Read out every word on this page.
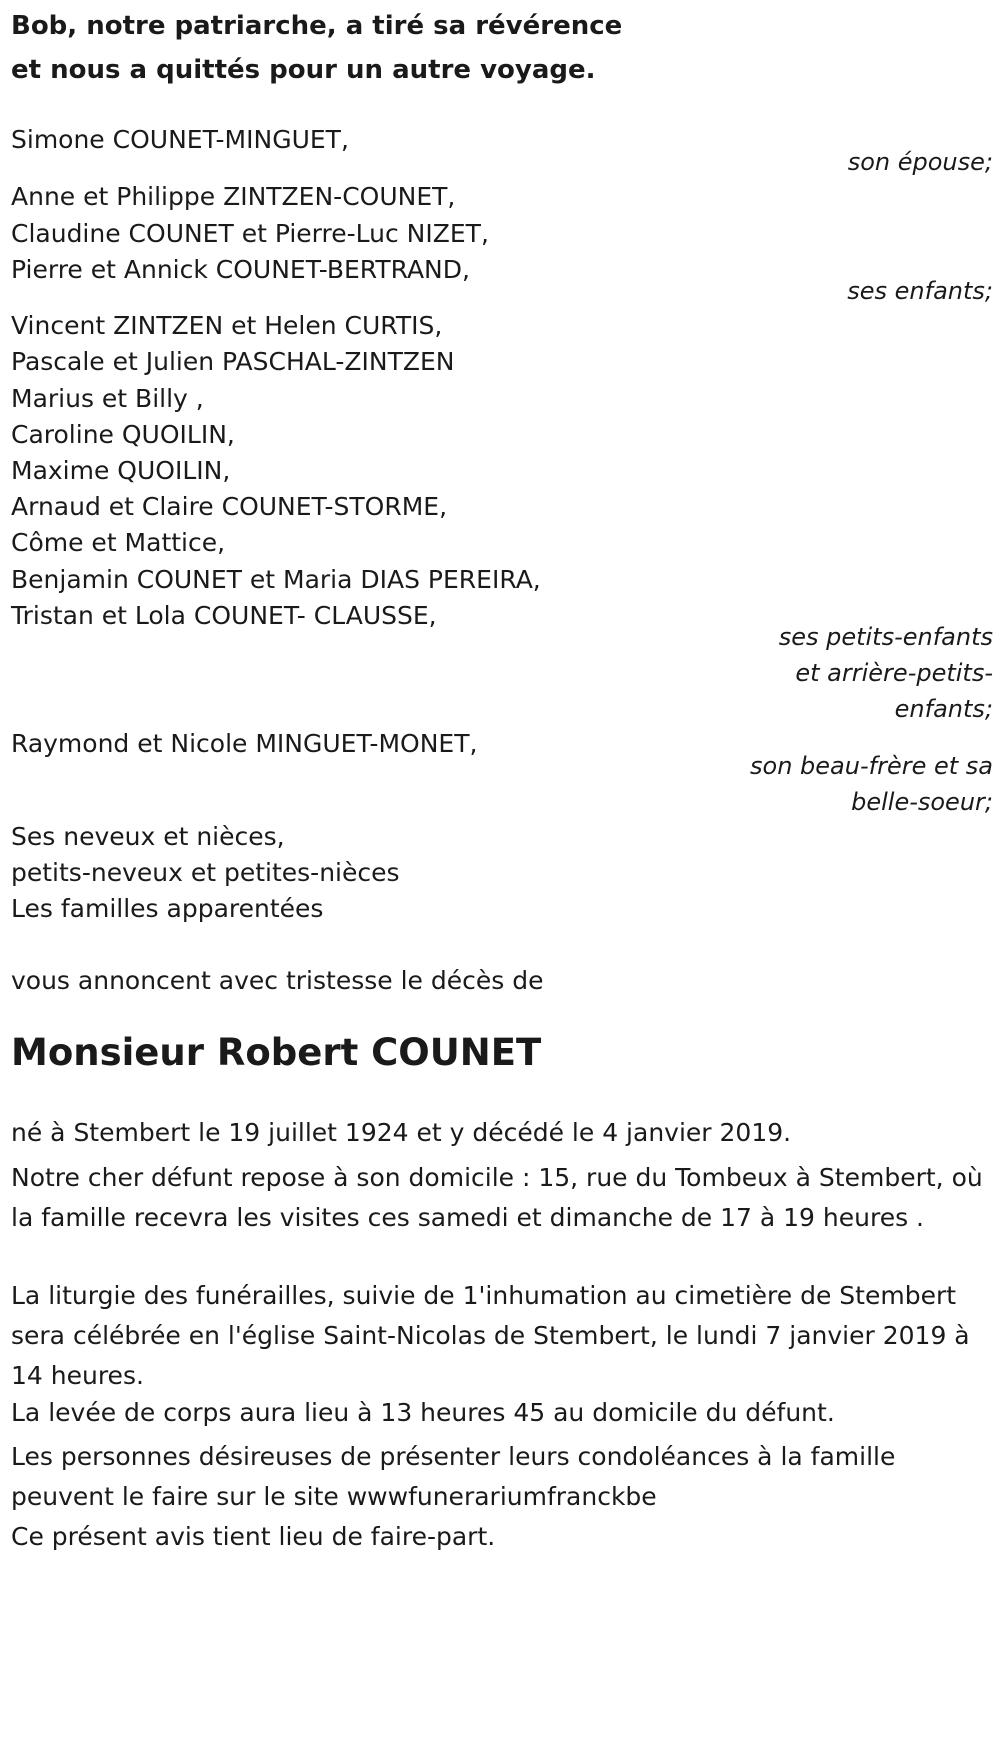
Bob, notre patriarche, a tiré sa révérence
et nous a quittés pour un autre voyage.
Simone COUNET-MINGUET,
son épouse;
Anne et Philippe ZINTZEN-COUNET,
Claudine COUNET et Pierre-Luc NIZET,
Pierre et Annick COUNET-BERTRAND,
ses enfants;
Vincent ZINTZEN et Helen CURTIS,
Pascale et Julien PASCHAL-ZINTZEN
Marius et Billy ,
Caroline QUOILIN,
Maxime QUOILIN,
Arnaud et Claire COUNET-STORME,
Côme et Mattice,
Benjamin COUNET et Maria DIAS PEREIRA,
Tristan et Lola COUNET- CLAUSSE,
ses petits-enfants
et arrière-petits-
enfants;
Raymond et Nicole MINGUET-MONET,
son beau-frère et sa
belle-soeur;
Ses neveux et nièces,
petits-neveux et petites-nièces
Les familles apparentées
vous annoncent avec tristesse le décès de
Monsieur Robert COUNET
né à Stembert le 19 juillet 1924 et y décédé le 4 janvier 2019.
Notre cher défunt repose à son domicile : 15, rue du Tombeux à Stembert, où la famille recevra les visites ces samedi et dimanche de 17 à 19 heures .
La liturgie des funérailles, suivie de 1'inhumation au cimetière de Stembert sera célébrée en l'église Saint-Nicolas de Stembert, le lundi 7 janvier 2019 à 14 heures.
La levée de corps aura lieu à 13 heures 45 au domicile du défunt.
Les personnes désireuses de présenter leurs condoléances à la famille peuvent le faire sur le site wwwfunerariumfranckbe
Ce présent avis tient lieu de faire-part.
